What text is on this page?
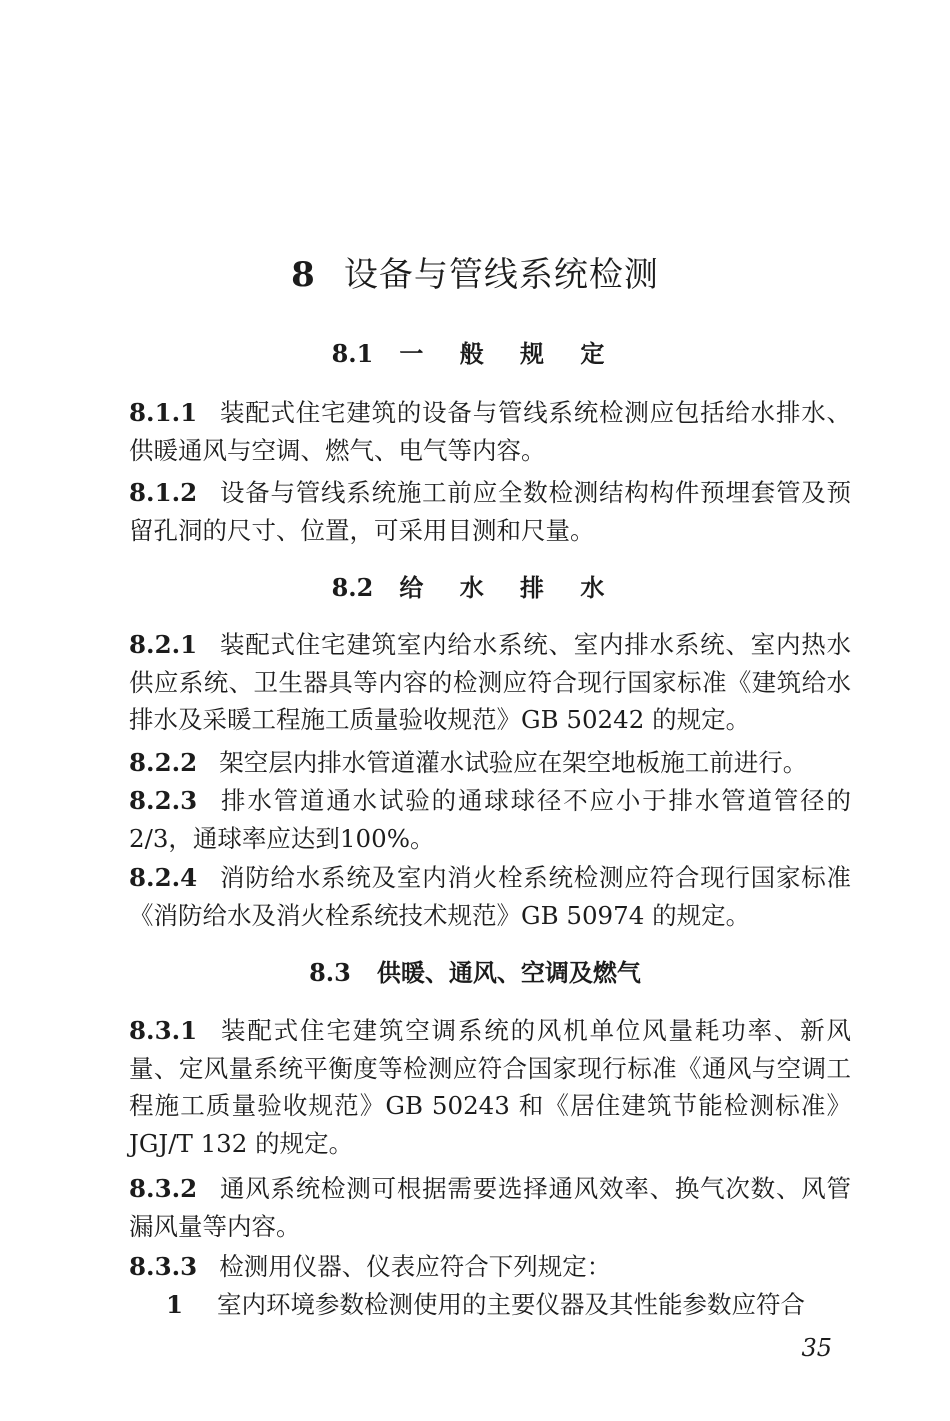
8 设备与管线系统检测
8.1 一 般 规 定
8.1.1 装配式住宅建筑的设备与管线系统检测应包括给水排水、供暖通风与空调、燃气、电气等内容。
8.1.2 设备与管线系统施工前应全数检测结构构件预埋套管及预留孔洞的尺寸、位置，可采用目测和尺量。
8.2 给 水 排 水
8.2.1 装配式住宅建筑室内给水系统、室内排水系统、室内热水供应系统、卫生器具等内容的检测应符合现行国家标准《建筑给水排水及采暖工程施工质量验收规范》GB 50242 的规定。
8.2.2 架空层内排水管道灌水试验应在架空地板施工前进行。
8.2.3 排水管道通水试验的通球球径不应小于排水管道管径的2/3，通球率应达到100%。
8.2.4 消防给水系统及室内消火栓系统检测应符合现行国家标准《消防给水及消火栓系统技术规范》GB 50974 的规定。
8.3 供暖、通风、空调及燃气
8.3.1 装配式住宅建筑空调系统的风机单位风量耗功率、新风量、定风量系统平衡度等检测应符合国家现行标准《通风与空调工程施工质量验收规范》GB 50243 和《居住建筑节能检测标准》JGJ/T 132 的规定。
8.3.2 通风系统检测可根据需要选择通风效率、换气次数、风管漏风量等内容。
8.3.3 检测用仪器、仪表应符合下列规定：
1 室内环境参数检测使用的主要仪器及其性能参数应符合
35
